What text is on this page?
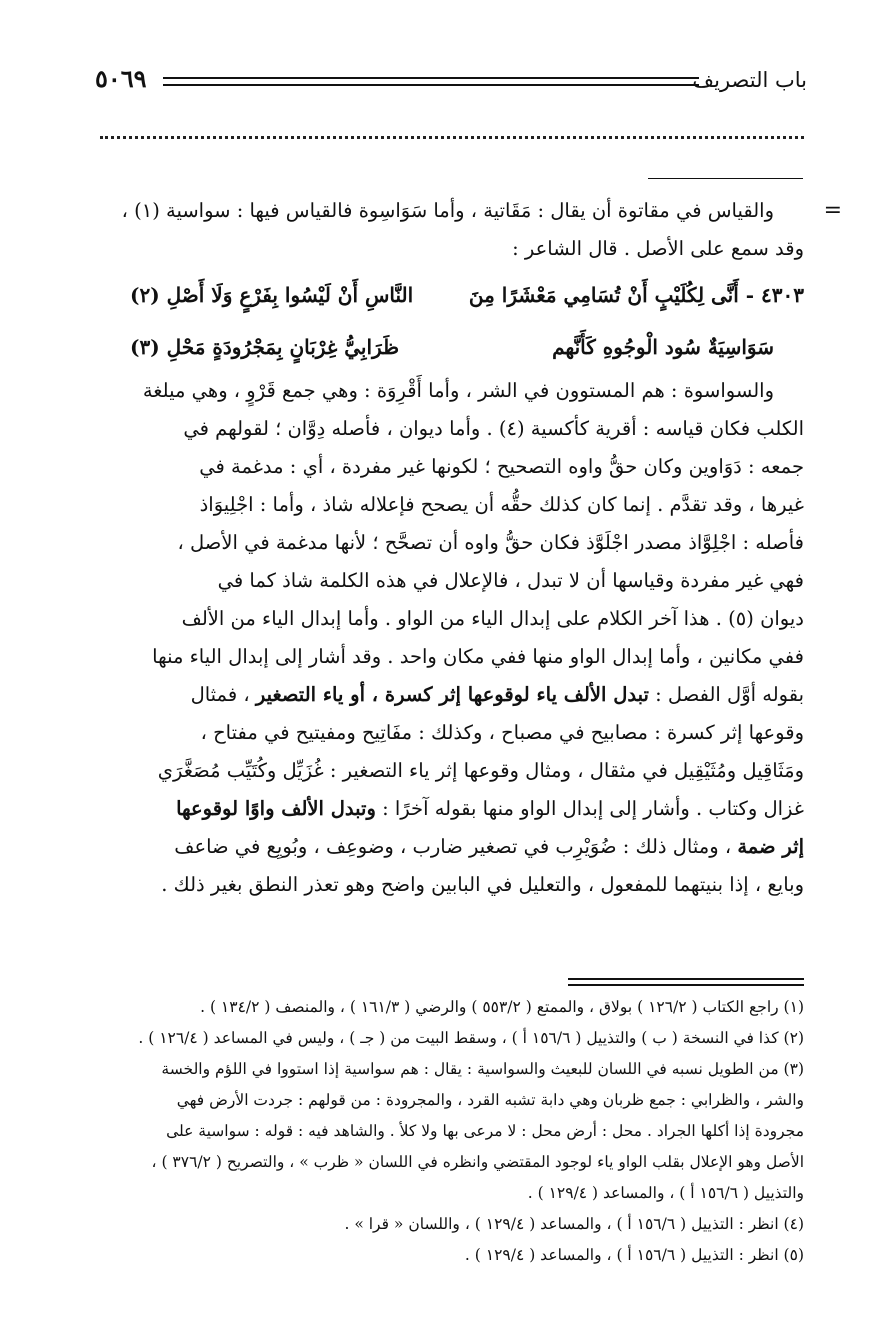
باب التصريف
٥٠٦٩
=
والقياس في مقاتوة أن يقال : مَقَاتية ، وأما سَوَاسِوة فالقياس فيها : سواسية (١) ،
وقد سمع على الأصل . قال الشاعر :
٤٣٠٣ - أَنَّى لِكُلَيْبٍ أَنْ تُسَامِي مَعْشَرًا مِنَ
النَّاسِ أَنْ لَيْسُوا بِفَرْعٍ وَلَا أَصْلِ (٢)
سَوَاسِيَةٌ سُود الْوجُوهِ كَأَنَّهم
ظَرَابِيُّ غِرْبَانٍ بِمَجْرُودَةٍ مَحْلِ (٣)
والسواسوة : هم المستوون في الشر ، وأما أَقْرِوَة : وهي جمع قَرْوٍ ، وهي ميلغة
الكلب فكان قياسه : أقرية كأكسية (٤) . وأما ديوان ، فأصله دِوَّان ؛ لقولهم في
جمعه : دَوَاوين وكان حقُّ واوه التصحيح ؛ لكونها غير مفردة ، أي : مدغمة في
غيرها ، وقد تقدَّم . إنما كان كذلك حقُّه أن يصحح فإعلاله شاذ ، وأما : اجْلِيوَاذ
فأصله : اجْلِوَّاذ مصدر اجْلَوَّذ فكان حقُّ واوه أن تصحَّح ؛ لأنها مدغمة في الأصل ،
فهي غير مفردة وقياسها أن لا تبدل ، فالإعلال في هذه الكلمة شاذ كما في
ديوان (٥) . هذا آخر الكلام على إبدال الياء من الواو . وأما إبدال الياء من الألف
ففي مكانين ، وأما إبدال الواو منها ففي مكان واحد . وقد أشار إلى إبدال الياء منها
بقوله أوَّل الفصل : تبدل الألف ياء لوقوعها إثر كسرة ، أو ياء التصغير ، فمثال
وقوعها إثر كسرة : مصابيح في مصباح ، وكذلك : مفَاتِيح ومفيتيح في مفتاح ،
ومَثَاقِيل ومُثَيْقِيل في مثقال ، ومثال وقوعها إثر ياء التصغير : غُزَيِّل وكُتَيِّب مُصَغَّرَي
غزال وكتاب . وأشار إلى إبدال الواو منها بقوله آخرًا : وتبدل الألف واوًا لوقوعها
إثر ضمة ، ومثال ذلك : ضُوَيْرِب في تصغير ضارب ، وضوعِف ، وبُويِع في ضاعف
وبايع ، إذا بنيتهما للمفعول ، والتعليل في البابين واضح وهو تعذر النطق بغير ذلك .
(١) راجع الكتاب ( ١٢٦/٢ ) بولاق ، والممتع ( ٥٥٣/٢ ) والرضي ( ١٦١/٣ ) ، والمنصف ( ١٣٤/٢ ) .
(٢) كذا في النسخة ( ب ) والتذييل ( ١٥٦/٦ أ ) ، وسقط البيت من ( جـ ) ، وليس في المساعد ( ١٢٦/٤ ) .
(٣) من الطويل نسبه في اللسان للبعيث والسواسية : يقال : هم سواسية إذا استووا في اللؤم والخسة
والشر ، والظرابي : جمع ظربان وهي دابة تشبه القرد ، والمجرودة : من قولهم : جردت الأرض فهي
مجرودة إذا أكلها الجراد . محل : أرض محل : لا مرعى بها ولا كلأ . والشاهد فيه : قوله : سواسية على
الأصل وهو الإعلال بقلب الواو ياء لوجود المقتضي وانظره في اللسان « ظرب » ، والتصريح ( ٣٧٦/٢ ) ،
والتذييل ( ١٥٦/٦ أ ) ، والمساعد ( ١٢٩/٤ ) .
(٤) انظر : التذييل ( ١٥٦/٦ أ ) ، والمساعد ( ١٢٩/٤ ) ، واللسان « قرا » .
(٥) انظر : التذييل ( ١٥٦/٦ أ ) ، والمساعد ( ١٢٩/٤ ) .
